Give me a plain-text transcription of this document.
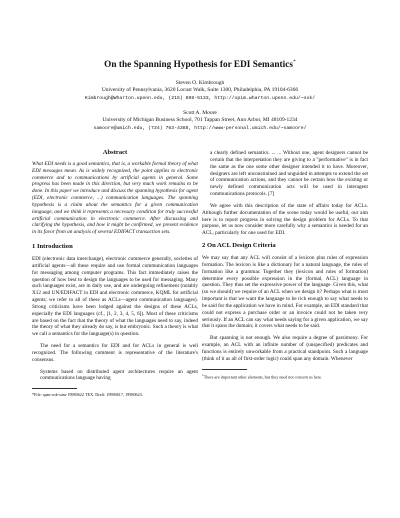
On the Spanning Hypothesis for EDI Semantics*
Steven O. Kimbrough
University of Pennsylvania, 3620 Locust Walk, Suite 1300, Philadelphia, PA 19104-6366
Kimbrough@Wharton.upenn.edu, (215) 898-5133, http://opim.wharton.upenn.edu/~sok/
Scott A. Moore
University of Michigan Business School, 701 Tappan Street, Ann Arbor, MI 48109-1234
samoore@umich.edu, (734) 763-4385, http://www-personal.umich.edu/~samoore/
Abstract

What EDI needs is a good semantics, that is, a workable formal theory of what EDI messages mean. As is widely recognized, the point applies to electronic commerce and to communications by artificial agents in general. Some progress has been made in this direction, but very much work remains to be done. In this paper we introduce and discuss the spanning hypothesis for agent (EDI, electronic commerce, ...) communication languages. The spanning hypothesis is a claim about the semantics for a given communication language, and we think it represents a necessary condition for truly successful artificial communication in electronic commerce. After discussing and clarifying the hypothesis, and how it might be confirmed, we present evidence in its favor from an analysis of several EDIFACT transaction sets.

1 Introduction

EDI (electronic data interchange), electronic commerce generally, societies of artificial agents—all these require and use formal communication languages for messaging among computer programs. This fact immediately raises the question of how best to design the languages to be used for messaging. Many such languages exist, are in daily use, and are undergoing refinement (notably X12 and UN/EDIFACT in EDI and electronic commerce, KQML for artificial agents; we refer to all of these as ACLs—agent communication languages). Strong criticisms have been lodged against the designs of these ACLs, especially the EDI languages (cf., [1, 2, 3, 4, 5, 6]). Most of these criticisms are based on the fact that the theory of what the languages need to say, indeed the theory of what they already do say, is but embryonic. Such a theory is what we call a semantics for the language(s) in question.

The need for a semantics for EDI and for ACLs in general is well recognized. The following comment is representative of the literature's consensus.

Systems based on distributed agent architectures require an agent communications language having

*File: span-sok-sam-19980622 TEX. Draft: 19980617, 19980623.

a clearly defined semantics. ... ... Without one, agent designers cannot be certain that the interpretation they are giving to a "performative" is in fact the same as the one some other designer intended it to have. Moreover, designers are left unconstrained and unguided in attempts to extend the set of communication actions, and they cannot be certain how the existing or newly defined communication acts will be used in interagent communications protocols. [7]

We agree with this description of the state of affairs today for ACLs. Although further documentation of the scene today would be useful, our aim here is to report progress in solving the design problem for ACLs. To that purpose, let us now consider more carefully why a semantics is needed for an ACL, particularly for one used for EDI.

2 On ACL Design Criteria

We may say that any ACL will consist of a lexicon plus rules of expression formation. The lexicon is like a dictionary for a natural language, the rules of formation like a grammar. Together they (lexicon and rules of formation) determine every possible expression in the (formal, ACL) language in question. They thus set the expressive power of the language. Given this, what (so we should) we require of an ACL when we design it? Perhaps what is most important is that we want the language to be rich enough to say what needs to be said for the application we have in mind. For example, an EDI standard that could not express a purchase order or an invoice could not be taken very seriously. If an ACL can say what needs saying for a given application, we say that it spans the domain; it covers what needs to be said.

But spanning is not enough. We also require a degree of parsimony. For example, an ACL with an infinite number of (unspecified) predicates and functions is entirely unworkable from a practical standpoint. Such a language (think of it as all of first-order logic) could span any domain. Whenever

$^1$There are important other elements, but they need not concern us here.
